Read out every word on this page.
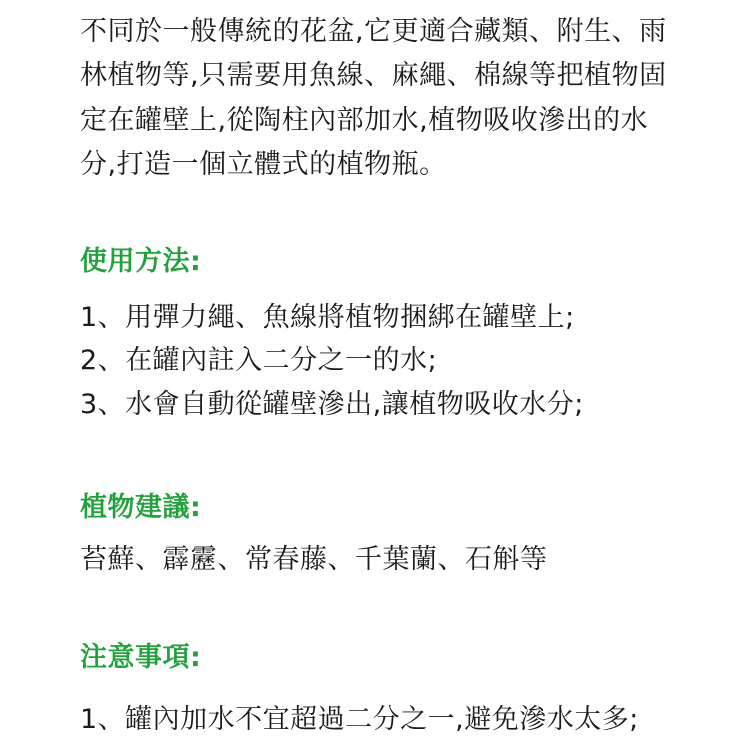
不同於一般傳統的花盆,它更適合藏類、附生、雨
林植物等,只需要用魚線、麻繩、棉線等把植物固
定在罐壁上,從陶柱內部加水,植物吸收滲出的水
分,打造一個立體式的植物瓶。
使用方法:
1、用彈力繩、魚線將植物捆綁在罐壁上;
2、在罐內註入二分之一的水;
3、水會自動從罐壁滲出,讓植物吸收水分;
植物建議:
苔蘚、霹靂、常春藤、千葉蘭、石斛等
注意事項:
1、罐內加水不宜超過二分之一,避免滲水太多;
